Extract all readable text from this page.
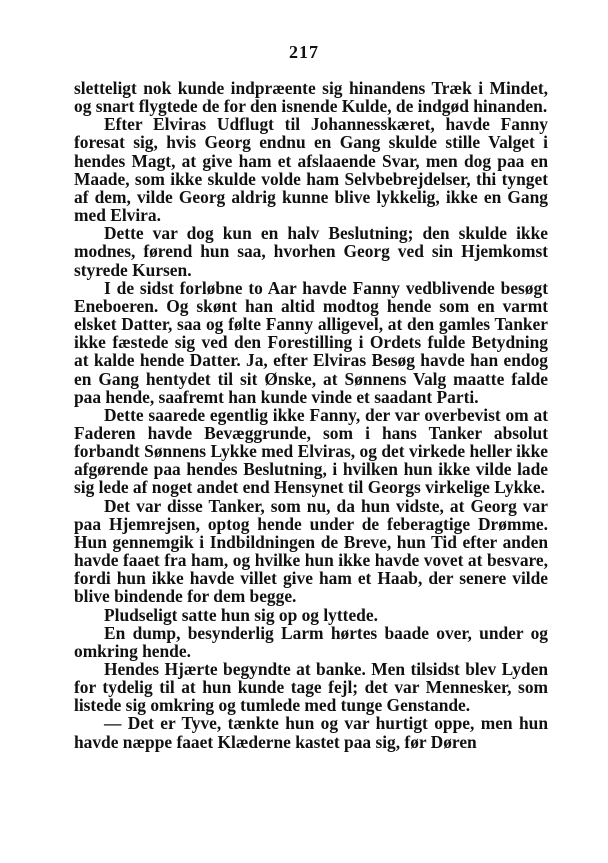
217

sletteligt nok kunde indpræente sig hinandens Træk i Mindet, og snart flygtede de for den isnende Kulde, de indgød hinanden.

Efter Elviras Udflugt til Johannesskæret, havde Fanny foresat sig, hvis Georg endnu en Gang skulde stille Valget i hendes Magt, at give ham et afslaaende Svar, men dog paa en Maade, som ikke skulde volde ham Selvbebrejdelser, thi tynget af dem, vilde Georg aldrig kunne blive lykkelig, ikke en Gang med Elvira.

Dette var dog kun en halv Beslutning; den skulde ikke modnes, førend hun saa, hvorhen Georg ved sin Hjemkomst styrede Kursen.

I de sidst forløbne to Aar havde Fanny vedblivende besøgt Eneboeren. Og skønt han altid modtog hende som en varmt elsket Datter, saa og følte Fanny alligevel, at den gamles Tanker ikke fæstede sig ved den Forestilling i Ordets fulde Betydning at kalde hende Datter. Ja, efter Elviras Besøg havde han endog en Gang hentydet til sit Ønske, at Sønnens Valg maatte falde paa hende, saafremt han kunde vinde et saadant Parti.

Dette saarede egentlig ikke Fanny, der var overbevist om at Faderen havde Bevæggrunde, som i hans Tanker absolut forbandt Sønnens Lykke med Elviras, og det virkede heller ikke afgørende paa hendes Beslutning, i hvilken hun ikke vilde lade sig lede af noget andet end Hensynet til Georgs virkelige Lykke.

Det var disse Tanker, som nu, da hun vidste, at Georg var paa Hjemrejsen, optog hende under de feberagtige Drømme. Hun gennemgik i Indbildningen de Breve, hun Tid efter anden havde faaet fra ham, og hvilke hun ikke havde vovet at besvare, fordi hun ikke havde villet give ham et Haab, der senere vilde blive bindende for dem begge.

Pludseligt satte hun sig op og lyttede.

En dump, besynderlig Larm hørtes baade over, under og omkring hende.

Hendes Hjærte begyndte at banke. Men tilsidst blev Lyden for tydelig til at hun kunde tage fejl; det var Mennesker, som listede sig omkring og tumlede med tunge Genstande.

— Det er Tyve, tænkte hun og var hurtigt oppe, men hun havde næppe faaet Klæderne kastet paa sig, før Døren
